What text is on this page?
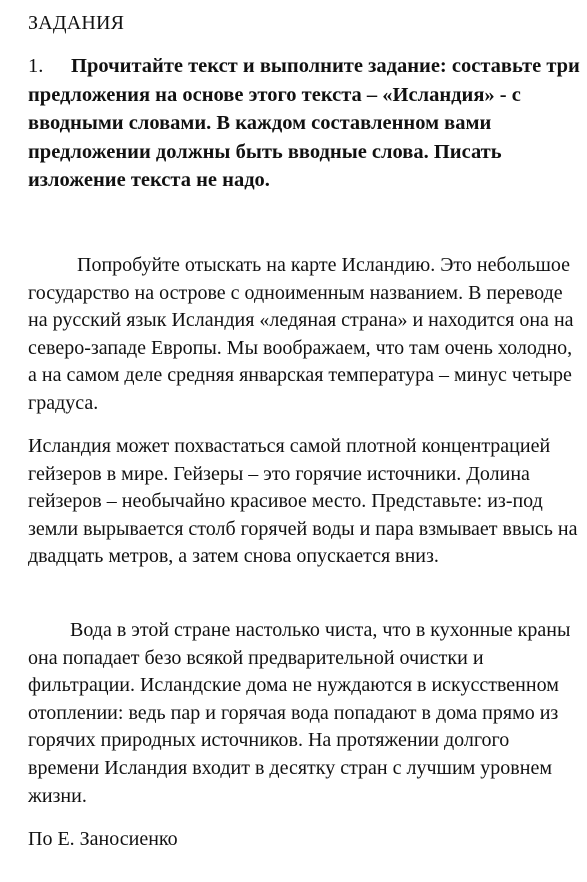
ЗАДАНИЯ
1. Прочитайте текст и выполните задание: составьте три предложения на основе этого текста – «Исландия» - с вводными словами. В каждом составленном вами предложении должны быть вводные слова. Писать изложение текста не надо.

Попробуйте отыскать на карте Исландию. Это небольшое государство на острове с одноименным названием. В переводе на русский язык Исландия «ледяная страна» и находится она на северо-западе Европы. Мы воображаем, что там очень холодно, а на самом деле средняя январская температура – минус четыре градуса.

Исландия может похвастаться самой плотной концентрацией гейзеров в мире. Гейзеры – это горячие источники. Долина гейзеров – необычайно красивое место. Представьте: из-под земли вырывается столб горячей воды и пара взмывает ввысь на двадцать метров, а затем снова опускается вниз.

Вода в этой стране настолько чиста, что в кухонные краны она попадает безо всякой предварительной очистки и фильтрации. Исландские дома не нуждаются в искусственном отоплении: ведь пар и горячая вода попадают в дома прямо из горячих природных источников. На протяжении долгого времени Исландия входит в десятку стран с лучшим уровнем жизни.

По Е. Заносиенко
